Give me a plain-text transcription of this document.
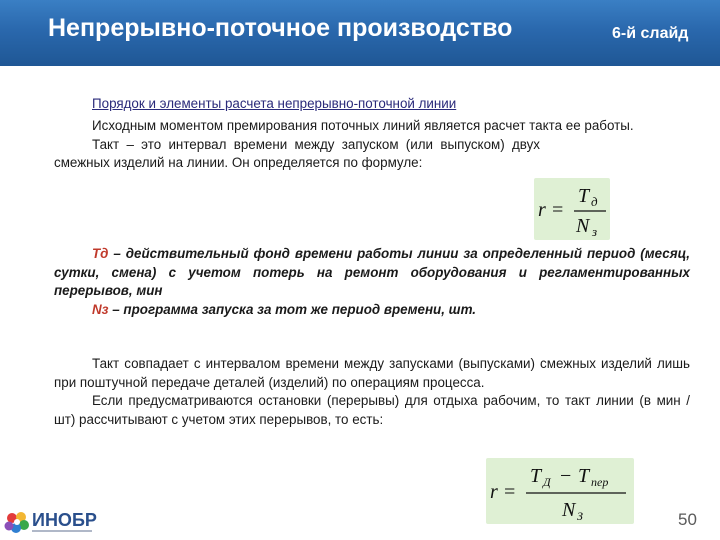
Непрерывно-поточное производство	6-й слайд
Порядок и элементы расчета непрерывно-поточной линии

Исходным моментом премирования поточных линий является расчет такта ее работы.

Такт – это интервал времени между запуском (или выпуском) двух смежных изделий на линии. Он определяется по формуле:

r =
T д
N з

Тд – действительный фонд времени работы линии за определенный период (месяц, сутки, смена) с учетом потерь на ремонт оборудования и регламентированных перерывов, мин

Nз – программа запуска за тот же период времени, шт.

Такт совпадает с интервалом времени между запусками (выпусками) смежных изделий лишь при поштучной передаче деталей (изделий) по операциям процесса.

Если предусматриваются остановки (перерывы) для отдыха рабочим, то такт линии (в мин / шт) рассчитывают с учетом этих перерывов, то есть:

r =
T Д − T пер
N З
ИНОБР	50
